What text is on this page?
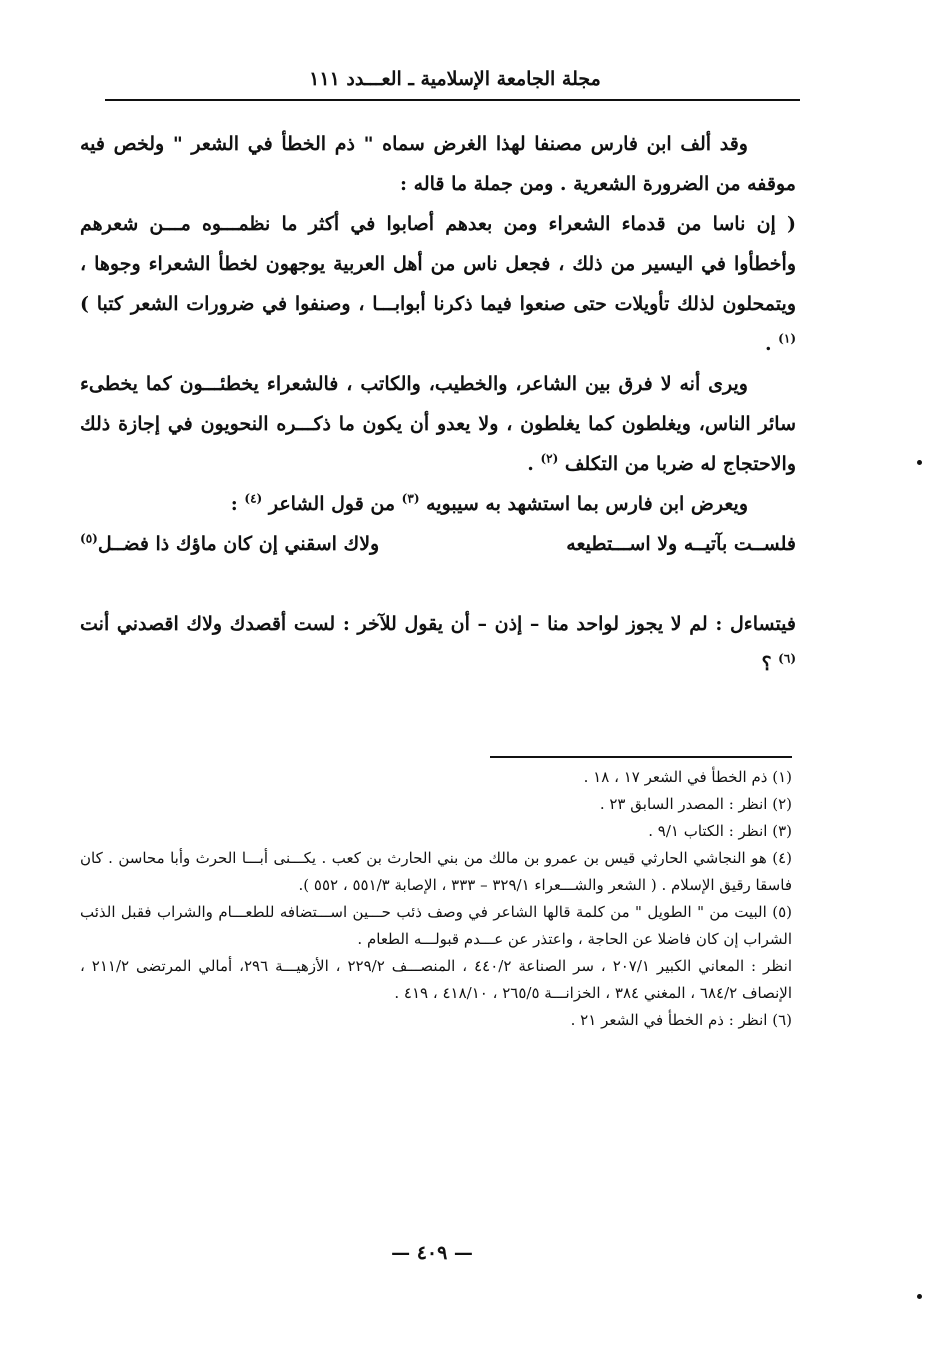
مجلة الجامعة الإسلامية ـ العـــدد ١١١

وقد ألف ابن فارس مصنفا لهذا الغرض سماه " ذم الخطأ في الشعر " ولخص فيه موقفه من الضرورة الشعرية . ومن جملة ما قاله :

( إن ناسا من قدماء الشعراء ومن بعدهم أصابوا في أكثر ما نظمـــوه مـــن شعرهم وأخطأوا في اليسير من ذلك ، فجعل ناس من أهل العربية يوجهون لخطأ الشعراء وجوها ، ويتمحلون لذلك تأويلات حتى صنعوا فيما ذكرنا أبوابـــا ، وصنفوا في ضرورات الشعر كتبا ) $^{(١)}$ .

ويرى أنه لا فرق بين الشاعر، والخطيب، والكاتب ، فالشعراء يخطئـــون كما يخطىء سائر الناس، ويغلطون كما يغلطون ، ولا يعدو أن يكون ما ذكـــره النحويون في إجازة ذلك والاحتجاج له ضربا من التكلف $^{(٢)}$ .

ويعرض ابن فارس بما استشهد به سيبويه $^{(٣)}$ من قول الشاعر $^{(٤)}$ :

فلســت بآتيــه ولا اســـتطيعه
ولاك اسقني إن كان ماؤك ذا فضــل$^{(٥)}$

فيتساءل : لم لا يجوز لواحد منا – إذن – أن يقول للآخر : لست أقصدك ولاك اقصدني أنت $^{(٦)}$ ؟

(١) ذم الخطأ في الشعر ١٧ ، ١٨ .

(٢) انظر : المصدر السابق ٢٣ .

(٣) انظر : الكتاب ٩/١ .

(٤) هو النجاشي الحارثي قيس بن عمرو بن مالك من بني الحارث بن كعب . يكـــنى أبـــا الحرث وأبا محاسن . كان فاسقا رقيق الإسلام . ( الشعر والشـــعراء ٣٢٩/١ – ٣٣٣ ، الإصابة ٥٥١/٣ ، ٥٥٢ ).

(٥) البيت من " الطويل " من كلمة قالها الشاعر في وصف ذئب حـــين اســـتضافه للطعـــام والشراب فقبل الذئب الشراب إن كان فاضلا عن الحاجة ، واعتذر عن عـــدم قبولـــه الطعام .

انظر : المعاني الكبير ٢٠٧/١ ، سر الصناعة ٤٤٠/٢ ، المنصـــف ٢٢٩/٢ ، الأزهيـــة ٢٩٦، أمالي المرتضى ٢١١/٢ ، الإنصاف ٦٨٤/٢ ، المغني ٣٨٤ ، الخزانـــة ٢٦٥/٥ ، ٤١٨/١٠ ، ٤١٩ .

(٦) انظر : ذم الخطأ في الشعر ٢١ .

— ٤٠٩ —
